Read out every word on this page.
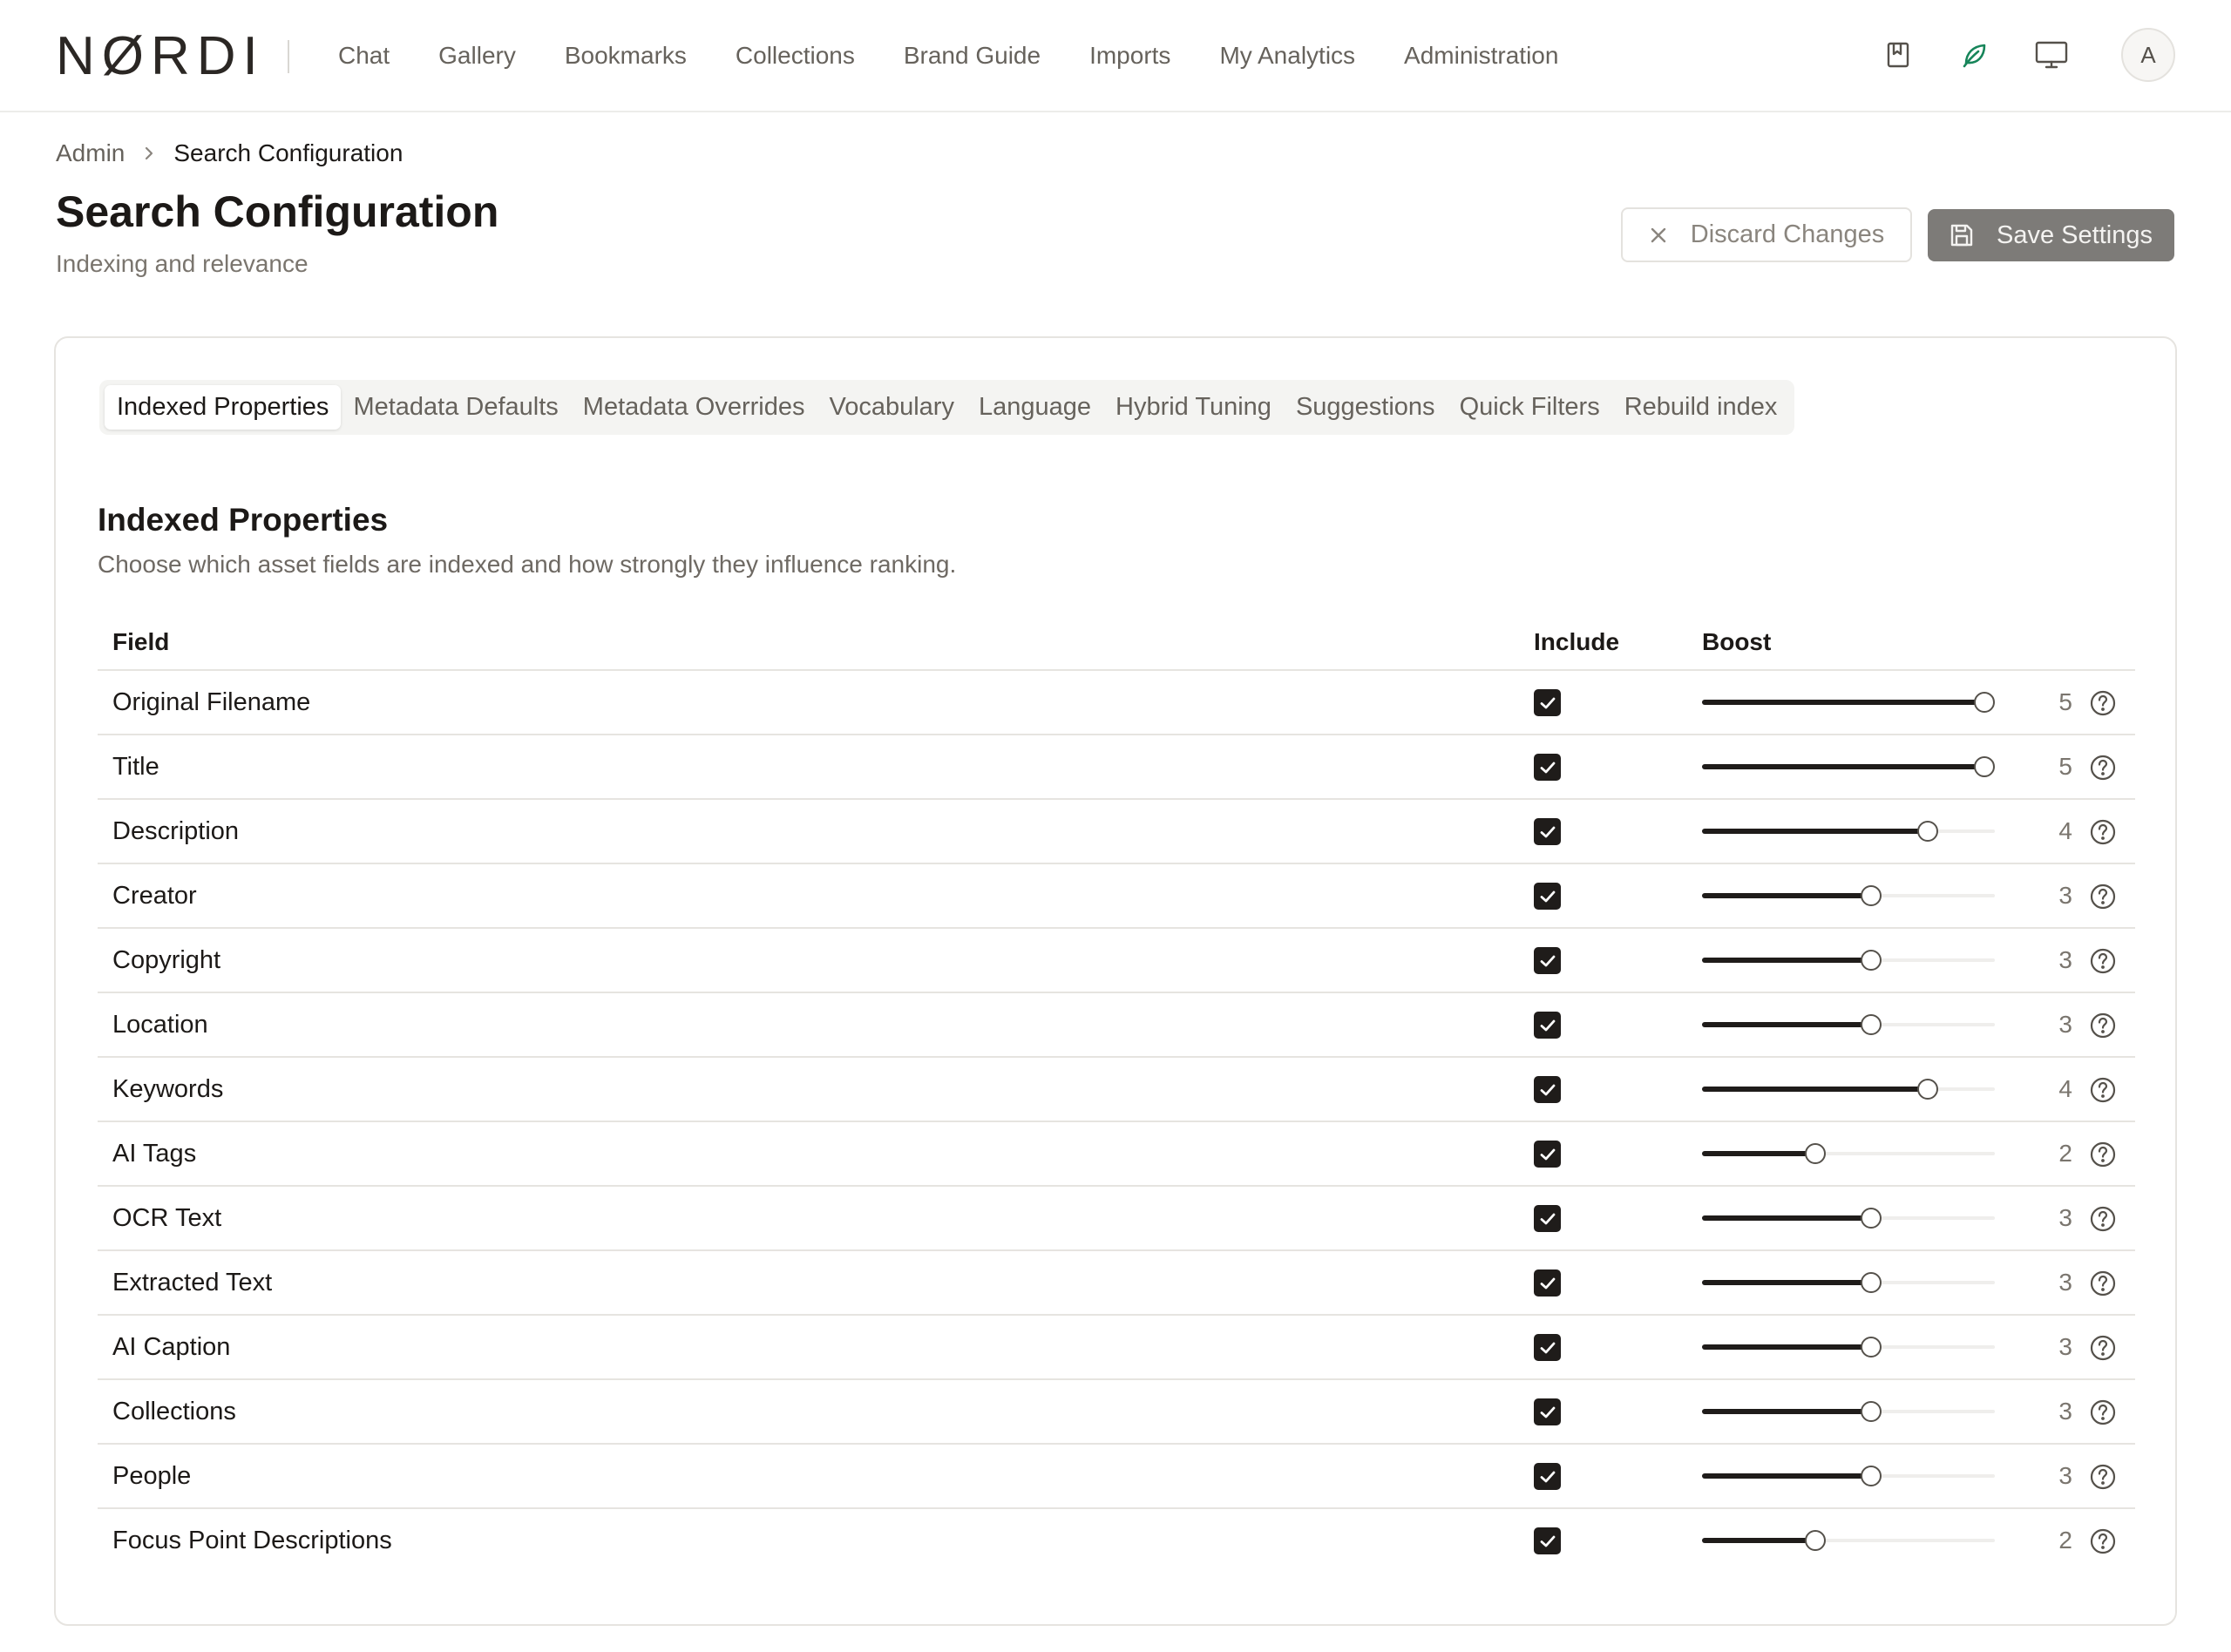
NØRDI	Chat	Gallery	Bookmarks	Collections	Brand Guide	Imports	My Analytics	Administration	A
Admin Search Configuration
Search Configuration
Indexing and relevance
Discard Changes	Save Settings
Indexed Properties Metadata Defaults Metadata Overrides Vocabulary Language Hybrid Tuning Suggestions Quick Filters Rebuild index
Indexed Properties
Choose which asset fields are indexed and how strongly they influence ranking.
Field	Include	Boost
Original Filename	5
Title	5
Description	4
Creator	3
Copyright	3
Location	3
Keywords	4
AI Tags	2
OCR Text	3
Extracted Text	3
AI Caption	3
Collections	3
People	3
Focus Point Descriptions	2
